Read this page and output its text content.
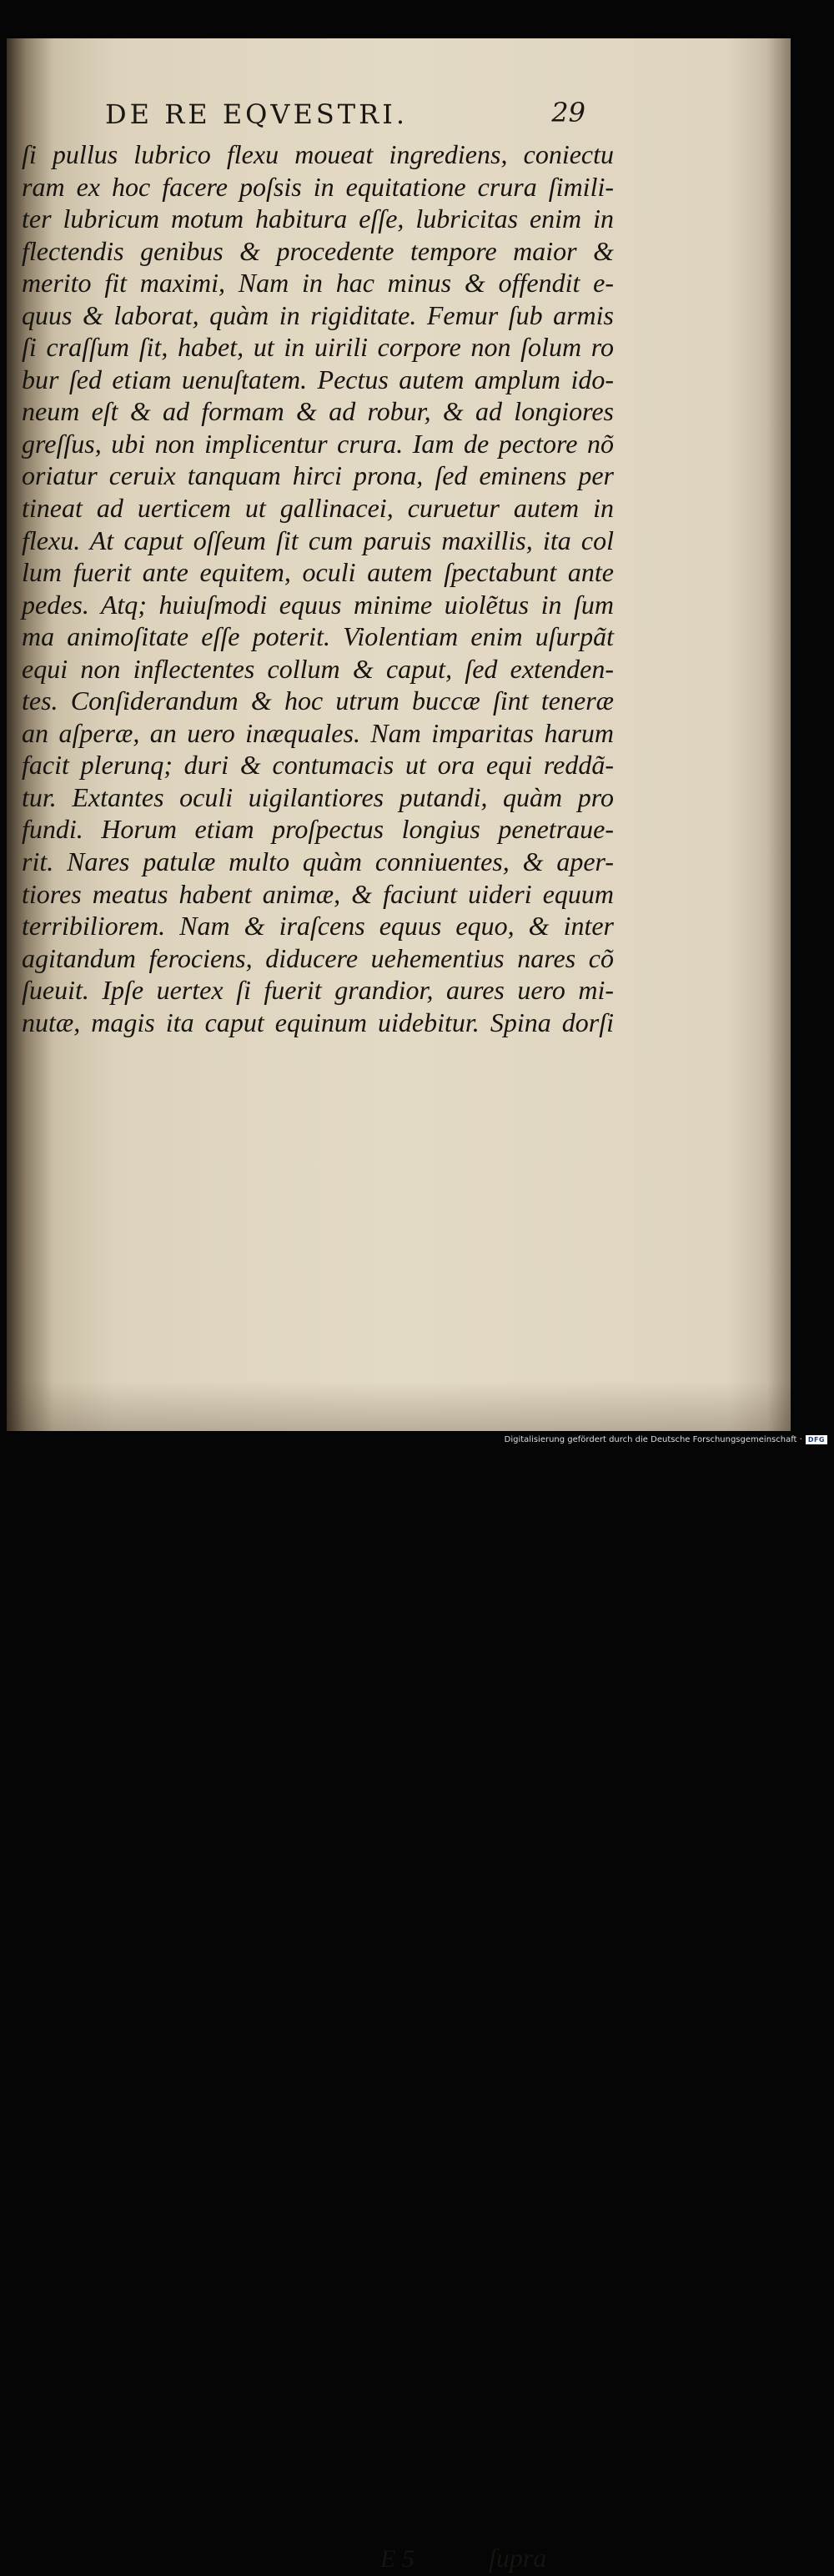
DE RE EQVESTRI.	29
ſi pullus lubrico flexu moueat ingrediens, coniectu
ram ex hoc facere poſsis in equitatione crura ſimili-
ter lubricum motum habitura eſſe, lubricitas enim in
flectendis genibus & procedente tempore maior &
merito fit maximi, Nam in hac minus & offendit e-
quus & laborat, quàm in rigiditate. Femur ſub armis
ſi craſſum ſit, habet, ut in uirili corpore non ſolum ro
bur ſed etiam uenuſtatem. Pectus autem amplum ido-
neum eſt & ad formam & ad robur, & ad longiores
greſſus, ubi non implicentur crura. Iam de pectore nõ
oriatur ceruix tanquam hirci prona, ſed eminens per
tineat ad uerticem ut gallinacei, curuetur autem in
flexu. At caput oſſeum ſit cum paruis maxillis, ita col
lum fuerit ante equitem, oculi autem ſpectabunt ante
pedes. Atq; huiuſmodi equus minime uiolẽtus in ſum
ma animoſitate eſſe poterit. Violentiam enim uſurpãt
equi non inflectentes collum & caput, ſed extenden-
tes. Conſiderandum & hoc utrum buccæ ſint teneræ
an aſperæ, an uero inæquales. Nam imparitas harum
facit plerunq; duri & contumacis ut ora equi reddã-
tur. Extantes oculi uigilantiores putandi, quàm pro
fundi. Horum etiam proſpectus longius penetrauе-
rit. Nares patulæ multo quàm conniuentes, & aper-
tiores meatus habent animæ, & faciunt uideri equum
terribiliorem. Nam & iraſcens equus equo, & inter
agitandum ferociens, diducere uehementius nares cõ
ſueuit. Ipſe uertex ſi fuerit grandior, aures uero mi-
nutæ, magis ita caput equinum uidebitur. Spina dorſi
E 5	ſupra
Digitalisierung gefördert durch die Deutsche Forschungsgemeinschaft · DFG
